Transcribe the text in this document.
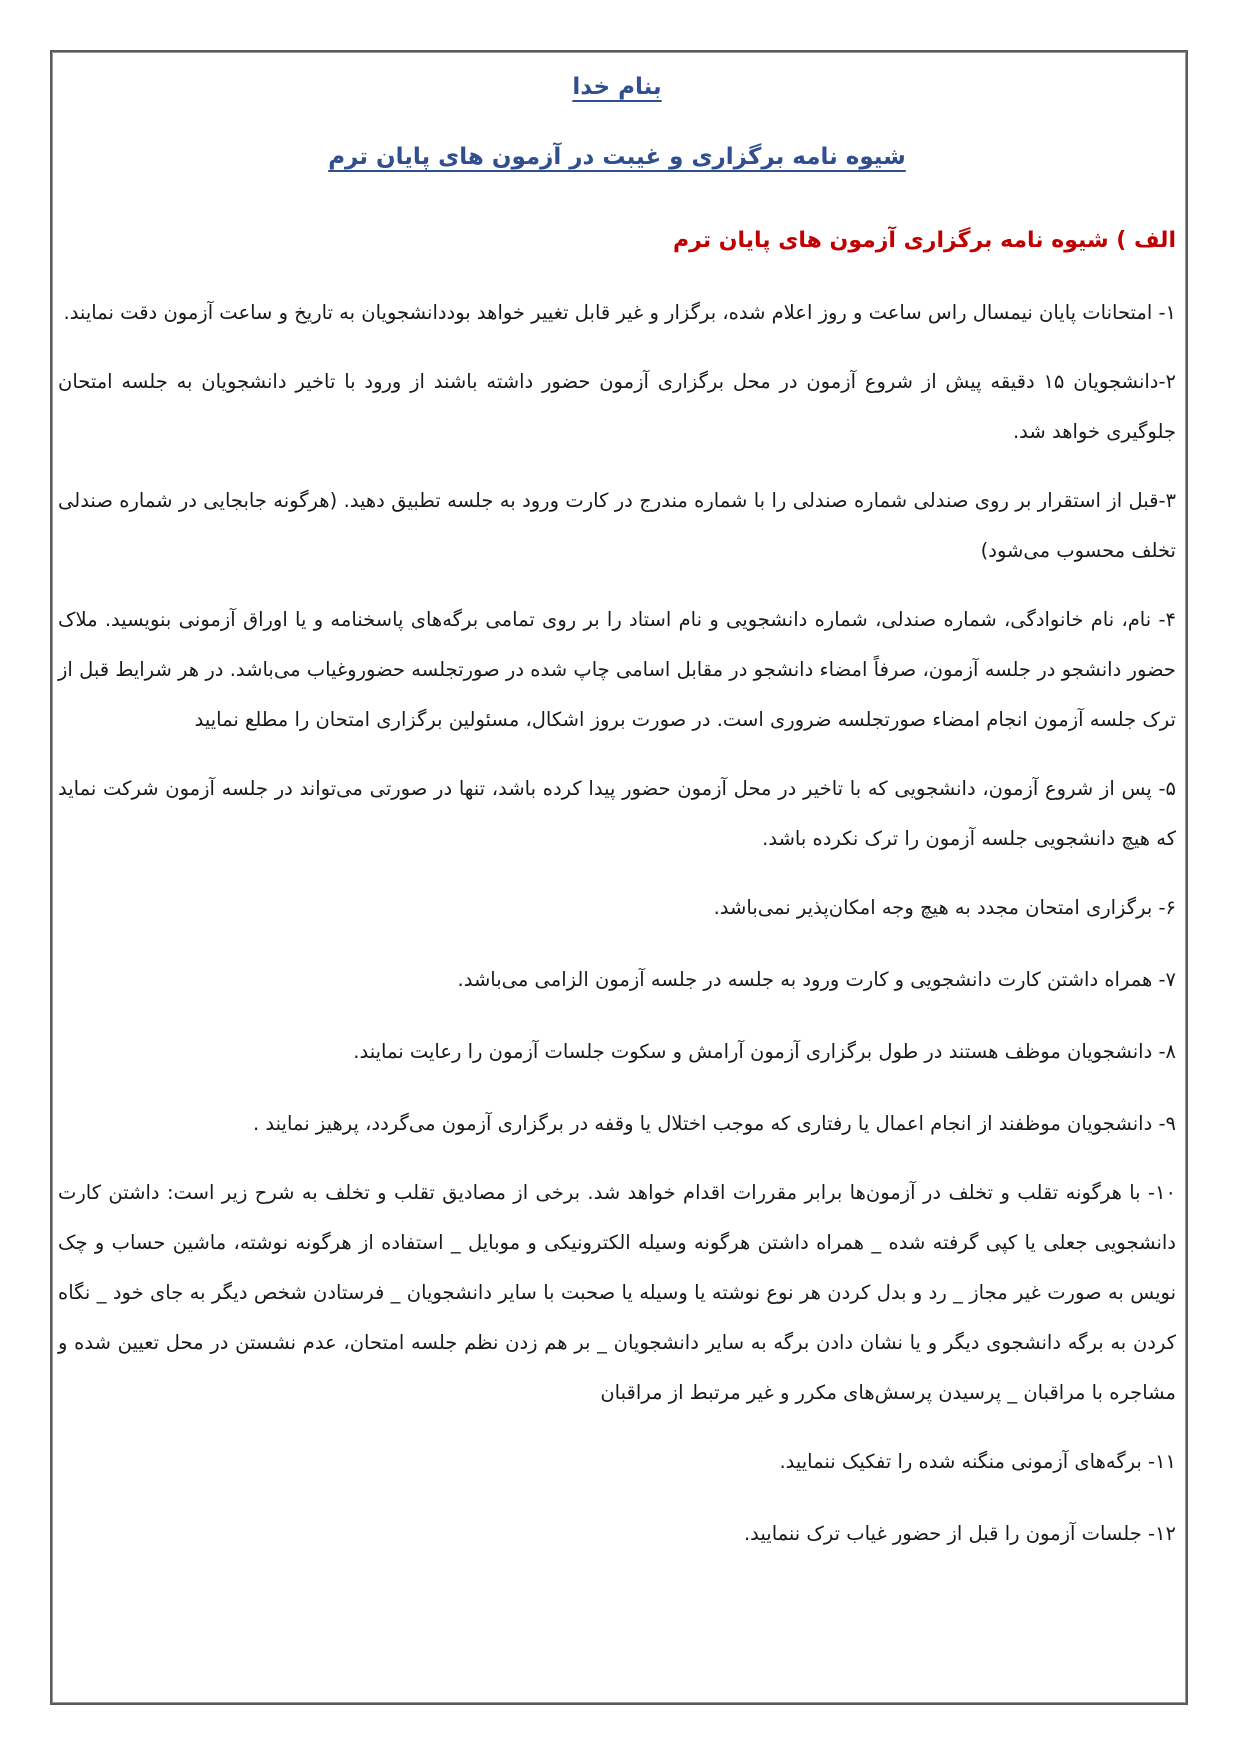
بنام خدا

شیوه نامه برگزاری و غیبت در آزمون های پایان ترم

الف ) شیوه نامه برگزاری آزمون های پایان ترم
۱- امتحانات پایان نیمسال راس ساعت و روز اعلام شده، برگزار و غیر قابل تغییر خواهد بوددانشجویان به تاریخ و ساعت آزمون دقت نمایند.
۲-دانشجویان ۱۵ دقیقه پیش از شروع آزمون در محل برگزاری آزمون حضور داشته باشند از ورود با تاخیر دانشجویان به جلسه امتحان جلوگیری خواهد شد.
۳-قبل از استقرار بر روی صندلی شماره صندلی را با شماره مندرج در کارت ورود به جلسه تطبیق دهید. (هرگونه جابجایی در شماره صندلی تخلف محسوب می‌شود)
۴- نام، نام خانوادگی، شماره صندلی، شماره دانشجویی و نام استاد را بر روی تمامی برگه‌های پاسخنامه و یا اوراق آزمونی بنویسید. ملاک حضور دانشجو در جلسه آزمون، صرفاً امضاء دانشجو در مقابل اسامی چاپ شده در صورتجلسه حضوروغیاب می‌باشد. در هر شرایط قبل از ترک جلسه آزمون انجام امضاء صورتجلسه ضروری است. در صورت بروز اشکال، مسئولین برگزاری امتحان را مطلع نمایید
۵- پس از شروع آزمون، دانشجویی که با تاخیر در محل آزمون حضور پیدا کرده باشد، تنها در صورتی می‌تواند در جلسه آزمون شرکت نماید که هیچ دانشجویی جلسه آزمون را ترک نکرده باشد.
۶- برگزاری امتحان مجدد به هیچ وجه امکان‌پذیر نمی‌باشد.
۷- همراه داشتن کارت دانشجویی و کارت ورود به جلسه در جلسه آزمون الزامی می‌باشد.
۸- دانشجویان موظف هستند در طول برگزاری آزمون آرامش و سکوت جلسات آزمون را رعایت نمایند.
۹- دانشجویان موظفند از انجام اعمال یا رفتاری که موجب اختلال یا وقفه در برگزاری آزمون می‌گردد، پرهیز نمایند .
۱۰- با هرگونه تقلب و تخلف در آزمون‌ها برابر مقررات اقدام خواهد شد. برخی از مصادیق تقلب و تخلف به شرح زیر است: داشتن کارت دانشجویی جعلی یا کپی گرفته شده _ همراه داشتن هرگونه وسیله الکترونیکی و موبایل _ استفاده از هرگونه نوشته، ماشین حساب و چک نویس به صورت غیر مجاز _ رد و بدل کردن هر نوع نوشته یا وسیله یا صحبت با سایر دانشجویان _ فرستادن شخص دیگر به جای خود _ نگاه کردن به برگه دانشجوی دیگر و یا نشان دادن برگه به سایر دانشجویان _ بر هم زدن نظم جلسه امتحان، عدم نشستن در محل تعیین شده و مشاجره با مراقبان _ پرسیدن پرسش‌های مکرر و غیر مرتبط از مراقبان
۱۱- برگه‌های آزمونی منگنه شده را تفکیک ننمایید.
۱۲- جلسات آزمون را قبل از حضور غیاب ترک ننمایید.
